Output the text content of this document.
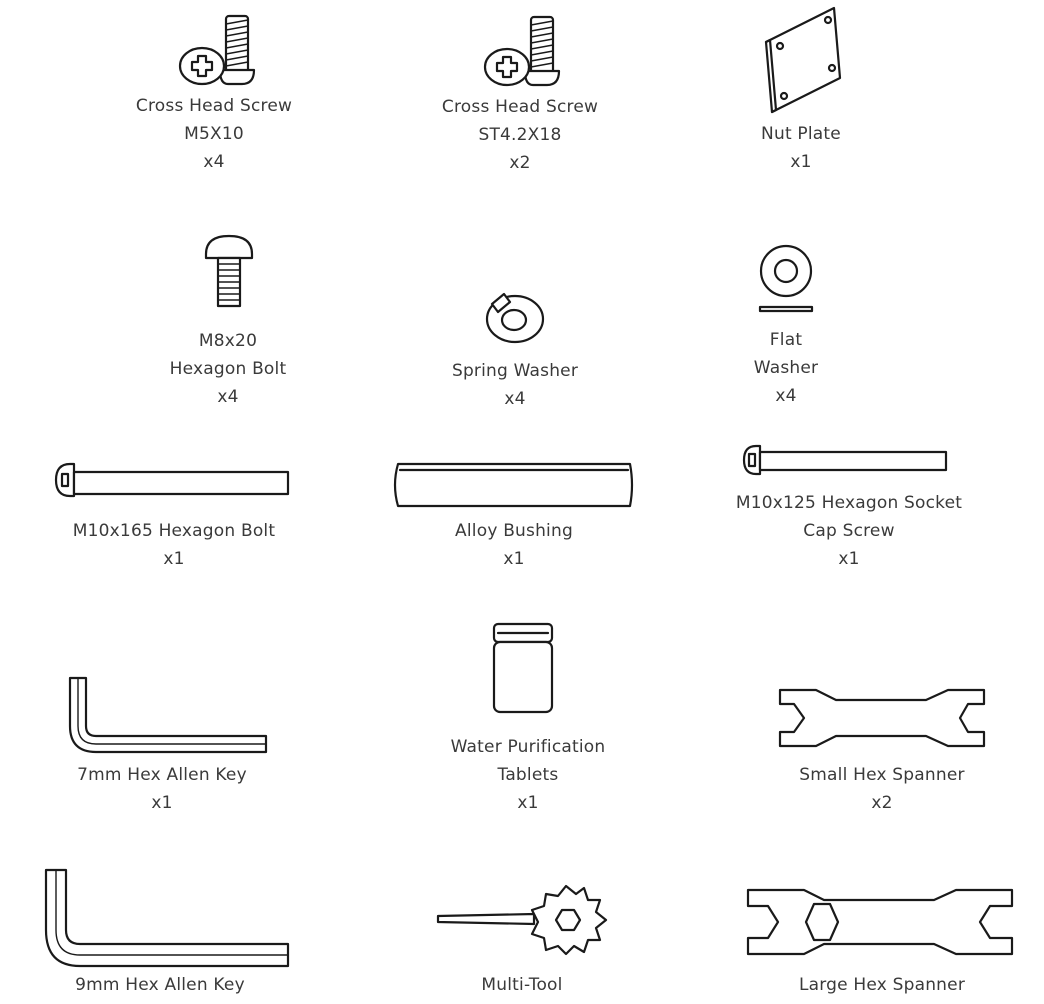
Cross Head Screw
M5X10
x4
Cross Head Screw
ST4.2X18
x2
Nut Plate
x1
M8x20
Hexagon Bolt
x4
Spring Washer
x4
Flat
Washer
x4
M10x165 Hexagon Bolt
x1
Alloy Bushing
x1
M10x125 Hexagon Socket
Cap Screw
x1
7mm Hex Allen Key
x1
Water Purification
Tablets
x1
Small Hex Spanner
x2
9mm Hex Allen Key	Multi-Tool	Large Hex Spanner
